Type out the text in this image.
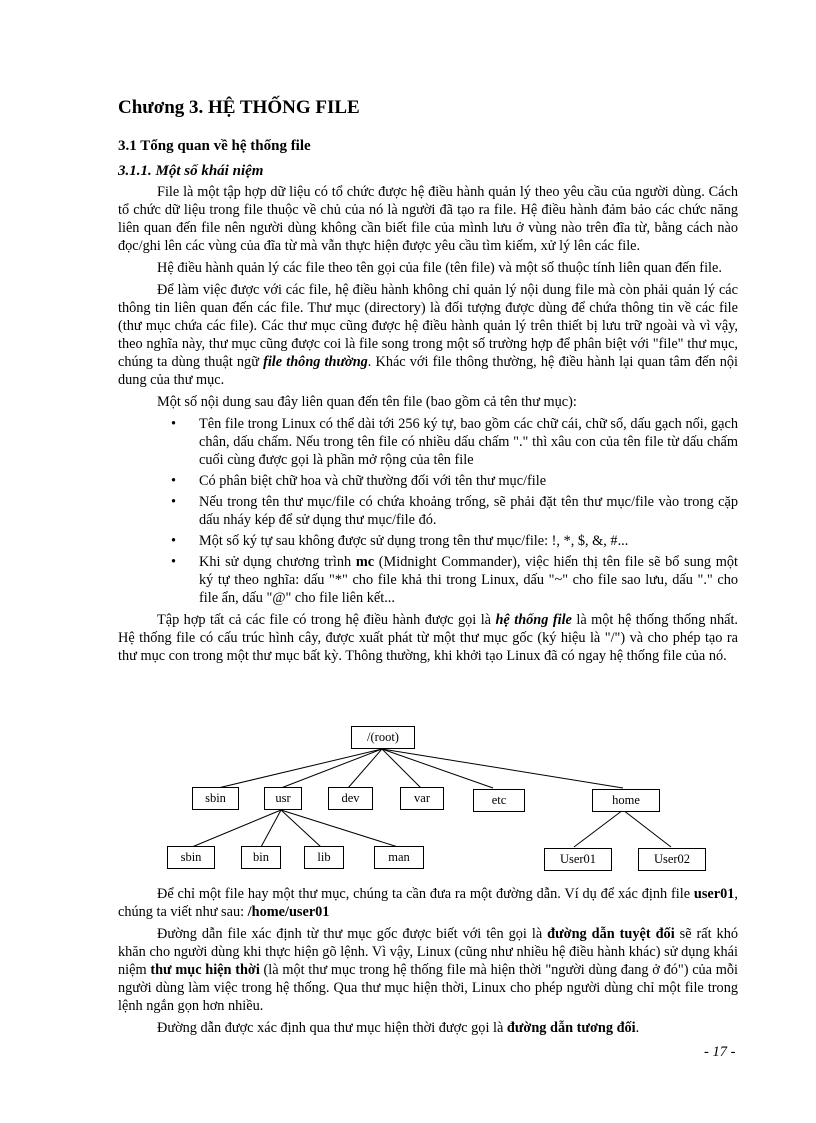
Chương 3. HỆ THỐNG FILE
3.1 Tổng quan về hệ thống file
3.1.1. Một số khái niệm

File là một tập hợp dữ liệu có tổ chức được hệ điều hành quản lý theo yêu cầu của người dùng. Cách tổ chức dữ liệu trong file thuộc về chủ của nó là người đã tạo ra file. Hệ điều hành đảm bảo các chức năng liên quan đến file nên người dùng không cần biết file của mình lưu ở vùng nào trên đĩa từ, bằng cách nào đọc/ghi lên các vùng của đĩa từ mà vẫn thực hiện được yêu cầu tìm kiếm, xử lý lên các file.

Hệ điều hành quản lý các file theo tên gọi của file (tên file) và một số thuộc tính liên quan đến file.

Để làm việc được với các file, hệ điều hành không chỉ quản lý nội dung file mà còn phải quản lý các thông tin liên quan đến các file. Thư mục (directory) là đối tượng được dùng để chứa thông tin về các file (thư mục chứa các file). Các thư mục cũng được hệ điều hành quản lý trên thiết bị lưu trữ ngoài và vì vậy, theo nghĩa này, thư mục cũng được coi là file song trong một số trường hợp để phân biệt với "file" thư mục, chúng ta dùng thuật ngữ file thông thường. Khác với file thông thường, hệ điều hành lại quan tâm đến nội dung của thư mục.

Một số nội dung sau đây liên quan đến tên file (bao gồm cả tên thư mục):

• Tên file trong Linux có thể dài tới 256 ký tự, bao gồm các chữ cái, chữ số, dấu gạch nối, gạch chân, dấu chấm. Nếu trong tên file có nhiều dấu chấm "." thì xâu con của tên file từ dấu chấm cuối cùng được gọi là phần mở rộng của tên file
• Có phân biệt chữ hoa và chữ thường đối với tên thư mục/file
• Nếu trong tên thư mục/file có chứa khoảng trống, sẽ phải đặt tên thư mục/file vào trong cặp dấu nháy kép để sử dụng thư mục/file đó.
• Một số ký tự sau không được sử dụng trong tên thư mục/file: !, *, $, &, #...
• Khi sử dụng chương trình mc (Midnight Commander), việc hiển thị tên file sẽ bổ sung một ký tự theo nghĩa: dấu "*" cho file khả thi trong Linux, dấu "~" cho file sao lưu, dấu "." cho file ẩn, dấu "@" cho file liên kết...

Tập hợp tất cả các file có trong hệ điều hành được gọi là hệ thống file là một hệ thống thống nhất. Hệ thống file có cấu trúc hình cây, được xuất phát từ một thư mục gốc (ký hiệu là "/") và cho phép tạo ra thư mục con trong một thư mục bất kỳ. Thông thường, khi khởi tạo Linux đã có ngay hệ thống file của nó.

/(root)
sbin	usr	dev	var	etc	home
sbin	bin	lib	man	User01	User02

Để chỉ một file hay một thư mục, chúng ta cần đưa ra một đường dẫn. Ví dụ để xác định file user01, chúng ta viết như sau: /home/user01

Đường dẫn file xác định từ thư mục gốc được biết với tên gọi là đường dẫn tuyệt đối sẽ rất khó khăn cho người dùng khi thực hiện gõ lệnh. Vì vậy, Linux (cũng như nhiều hệ điều hành khác) sử dụng khái niệm thư mục hiện thời (là một thư mục trong hệ thống file mà hiện thời "người dùng đang ở đó") của mỗi người dùng làm việc trong hệ thống. Qua thư mục hiện thời, Linux cho phép người dùng chỉ một file trong lệnh ngắn gọn hơn nhiều.

Đường dẫn được xác định qua thư mục hiện thời được gọi là đường dẫn tương đối.

- 17 -
